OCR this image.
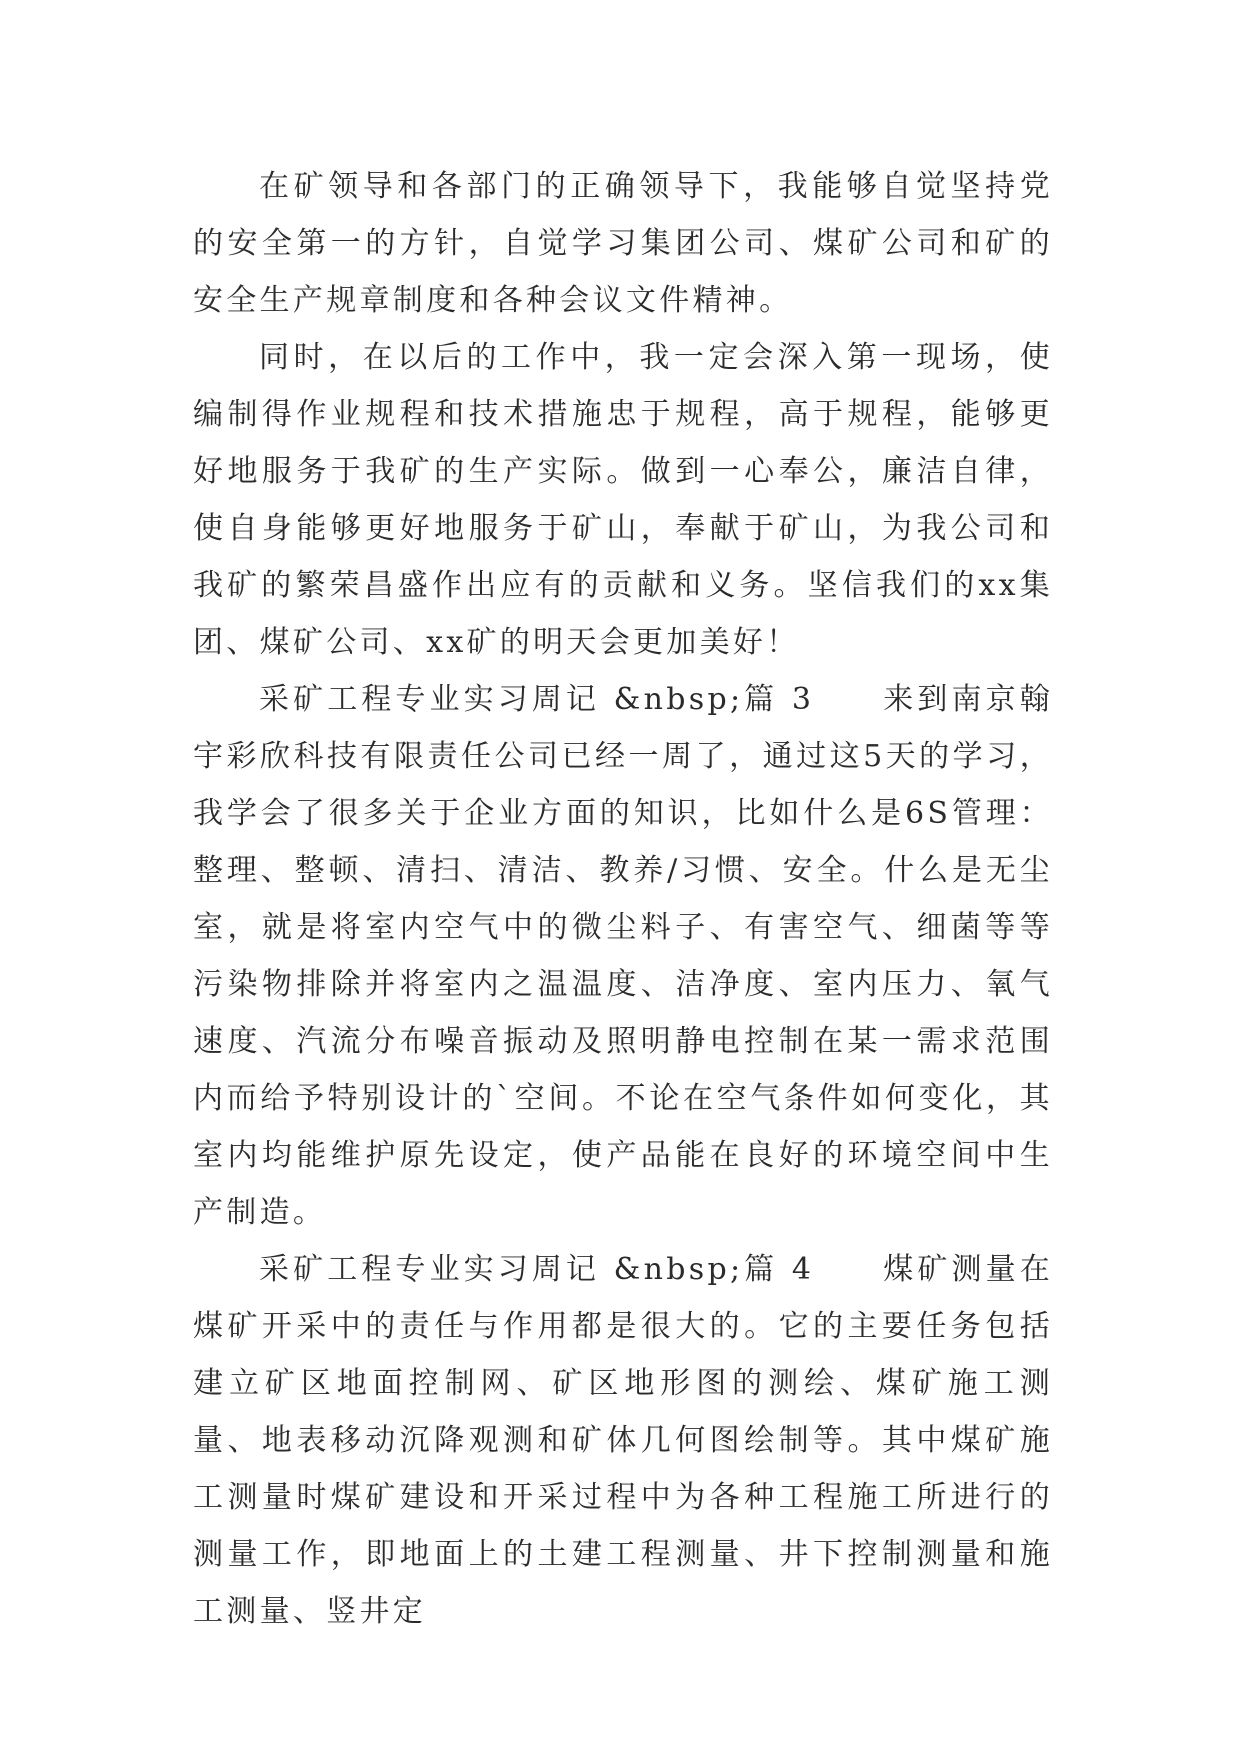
在矿领导和各部门的正确领导下，我能够自觉坚持党的安全第一的方针，自觉学习集团公司、煤矿公司和矿的安全生产规章制度和各种会议文件精神。

同时，在以后的工作中，我一定会深入第一现场，使编制得作业规程和技术措施忠于规程，高于规程，能够更好地服务于我矿的生产实际。做到一心奉公，廉洁自律，使自身能够更好地服务于矿山，奉献于矿山，为我公司和我矿的繁荣昌盛作出应有的贡献和义务。坚信我们的xx集团、煤矿公司、xx矿的明天会更加美好！

采矿工程专业实习周记 &nbsp;篇 3　　来到南京翰宇彩欣科技有限责任公司已经一周了，通过这5天的学习，我学会了很多关于企业方面的知识，比如什么是6S管理：整理、整顿、清扫、清洁、教养/习惯、安全。什么是无尘室，就是将室内空气中的微尘料子、有害空气、细菌等等污染物排除并将室内之温温度、洁净度、室内压力、氧气速度、汽流分布噪音振动及照明静电控制在某一需求范围内而给予特别设计的`空间。不论在空气条件如何变化，其室内均能维护原先设定，使产品能在良好的环境空间中生产制造。

采矿工程专业实习周记 &nbsp;篇 4　　煤矿测量在煤矿开采中的责任与作用都是很大的。它的主要任务包括建立矿区地面控制网、矿区地形图的测绘、煤矿施工测量、地表移动沉降观测和矿体几何图绘制等。其中煤矿施工测量时煤矿建设和开采过程中为各种工程施工所进行的测量工作，即地面上的土建工程测量、井下控制测量和施工测量、竖井定
